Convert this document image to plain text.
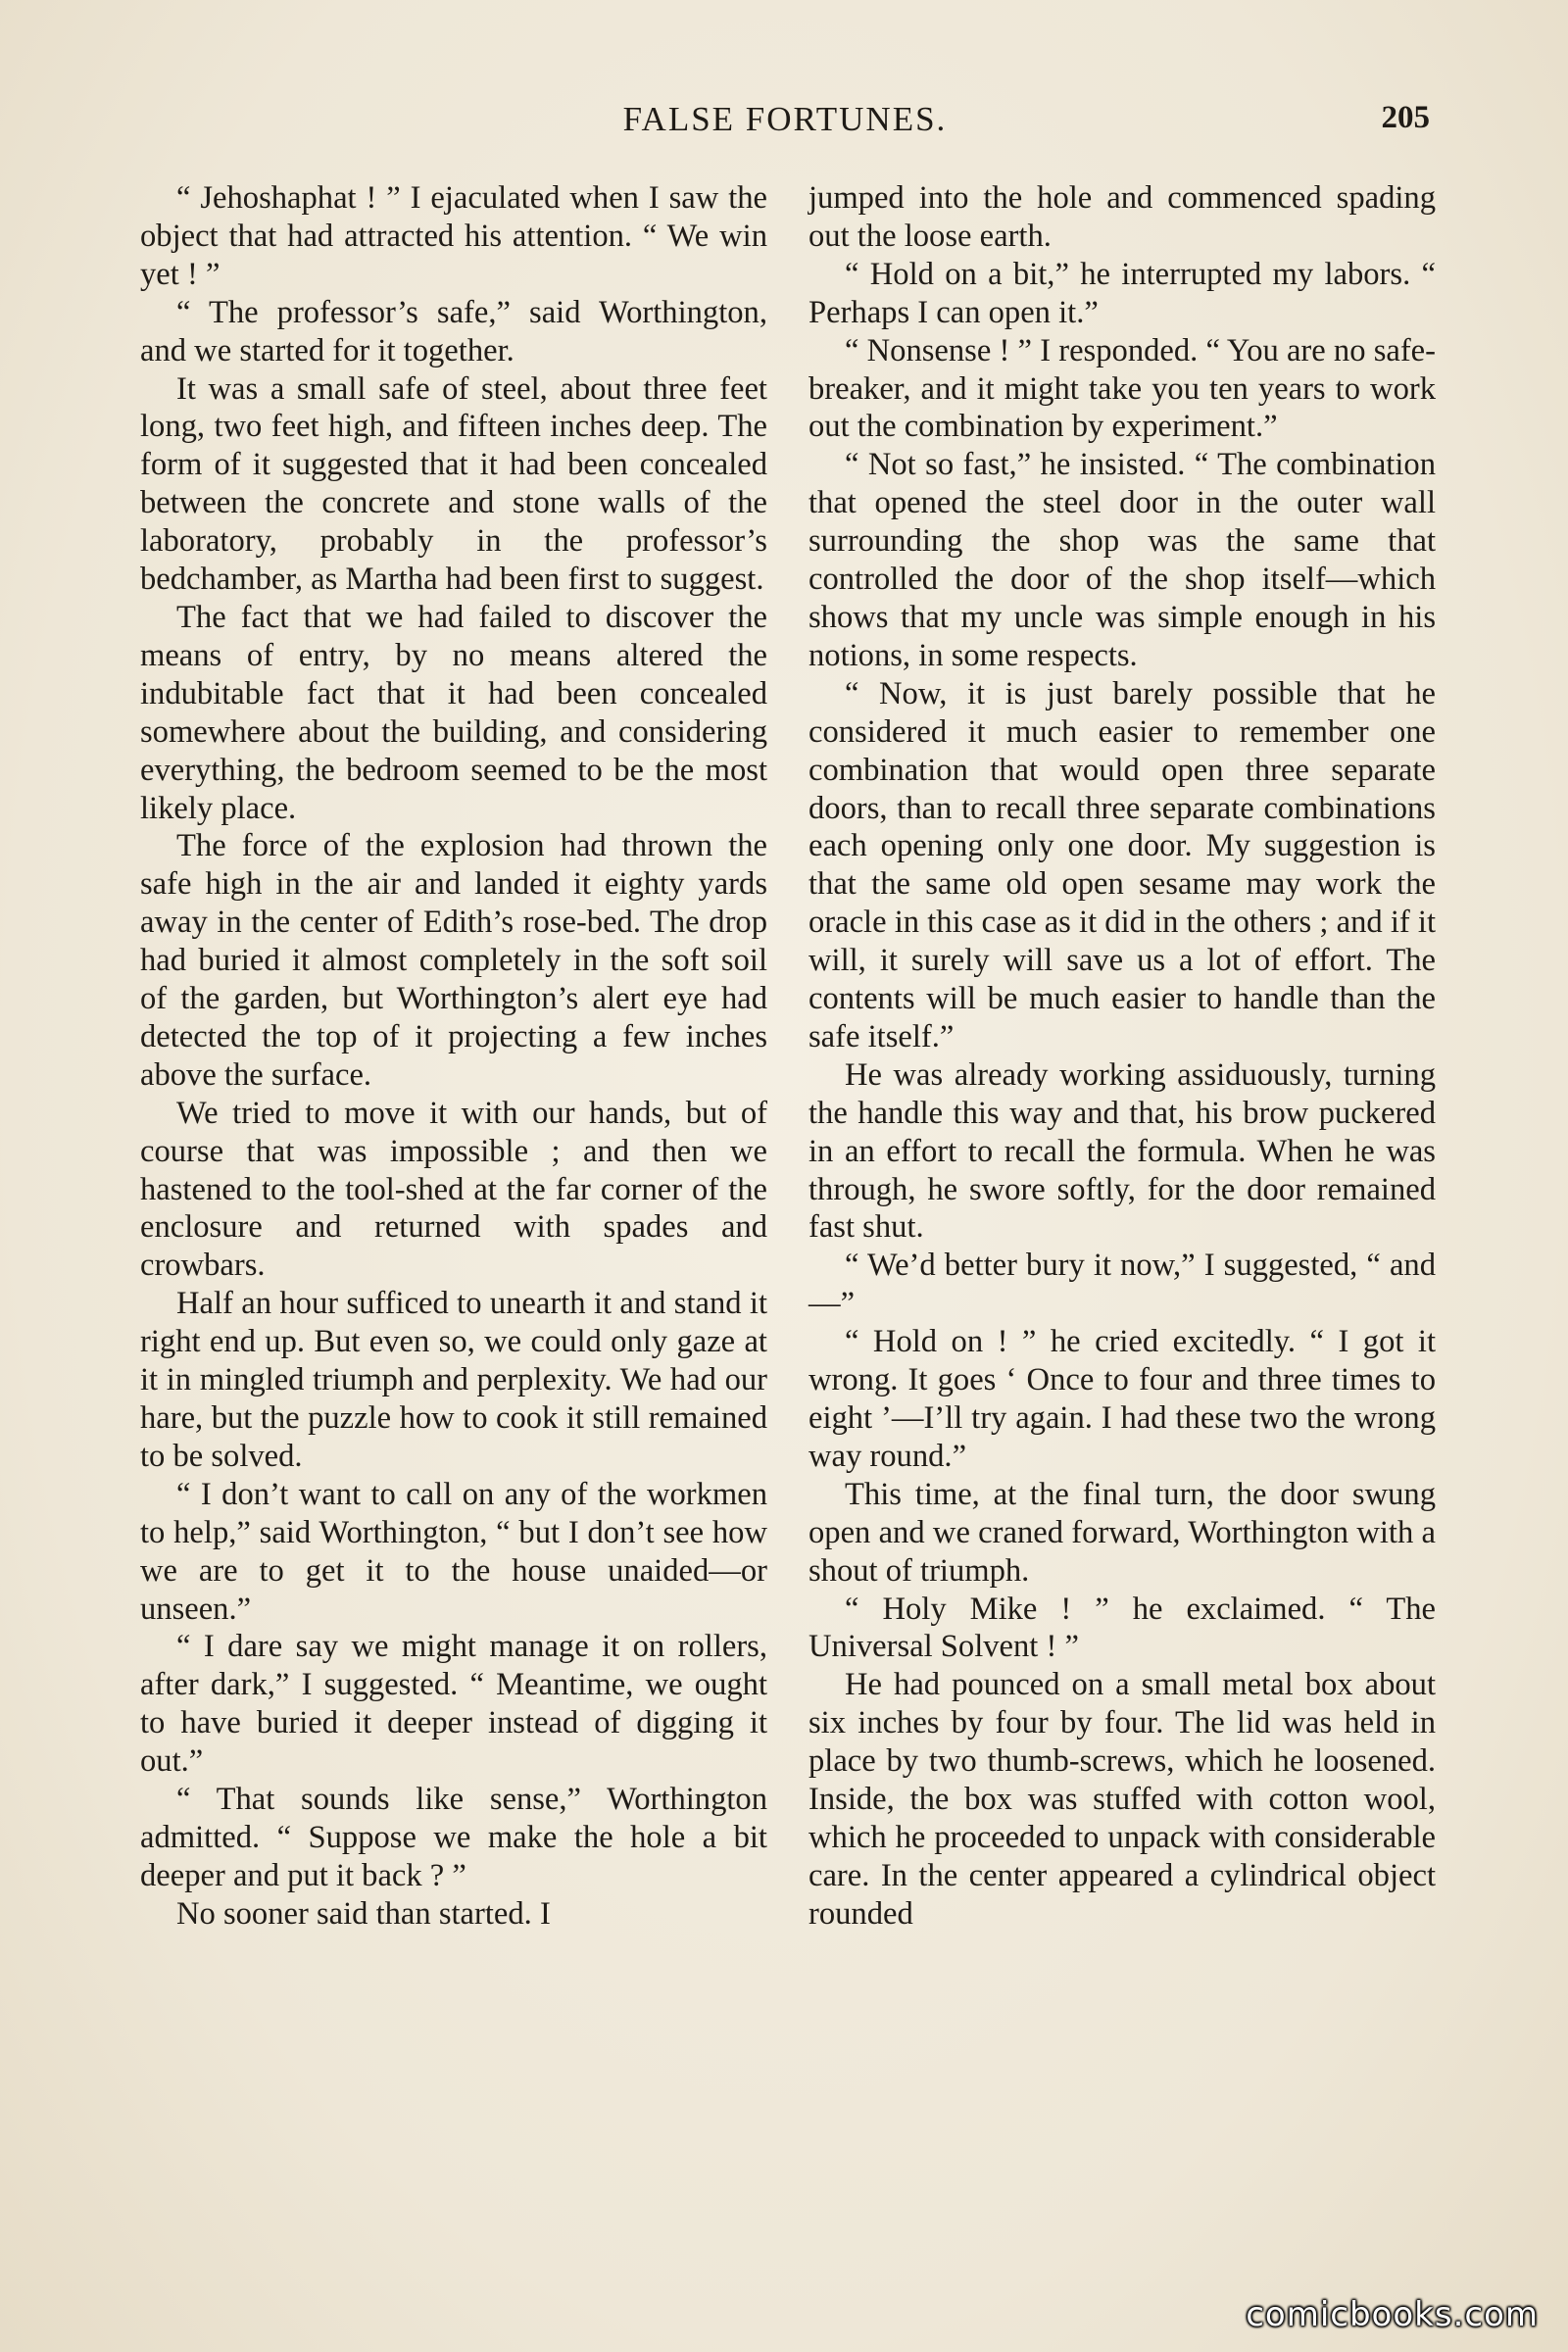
FALSE FORTUNES.	205

“ Jehoshaphat ! ” I ejaculated when I saw the object that had attracted his attention. “ We win yet ! ”

“ The professor’s safe,” said Worthington, and we started for it together.

It was a small safe of steel, about three feet long, two feet high, and fifteen inches deep. The form of it suggested that it had been concealed between the concrete and stone walls of the laboratory, probably in the professor’s bedchamber, as Martha had been first to suggest.

The fact that we had failed to discover the means of entry, by no means altered the indubitable fact that it had been concealed somewhere about the building, and considering everything, the bedroom seemed to be the most likely place.

The force of the explosion had thrown the safe high in the air and landed it eighty yards away in the center of Edith’s rose-bed. The drop had buried it almost completely in the soft soil of the garden, but Worthington’s alert eye had detected the top of it projecting a few inches above the surface.

We tried to move it with our hands, but of course that was impossible ; and then we hastened to the tool-shed at the far corner of the enclosure and returned with spades and crowbars.

Half an hour sufficed to unearth it and stand it right end up. But even so, we could only gaze at it in mingled triumph and perplexity. We had our hare, but the puzzle how to cook it still remained to be solved.

“ I don’t want to call on any of the workmen to help,” said Worthington, “ but I don’t see how we are to get it to the house unaided—or unseen.”

“ I dare say we might manage it on rollers, after dark,” I suggested. “ Meantime, we ought to have buried it deeper instead of digging it out.”

“ That sounds like sense,” Worthington admitted. “ Suppose we make the hole a bit deeper and put it back ? ”

No sooner said than started. I

jumped into the hole and commenced spading out the loose earth.

“ Hold on a bit,” he interrupted my labors. “ Perhaps I can open it.”

“ Nonsense ! ” I responded. “ You are no safe-breaker, and it might take you ten years to work out the combination by experiment.”

“ Not so fast,” he insisted. “ The combination that opened the steel door in the outer wall surrounding the shop was the same that controlled the door of the shop itself—which shows that my uncle was simple enough in his notions, in some respects.

“ Now, it is just barely possible that he considered it much easier to remember one combination that would open three separate doors, than to recall three separate combinations each opening only one door. My suggestion is that the same old open sesame may work the oracle in this case as it did in the others ; and if it will, it surely will save us a lot of effort. The contents will be much easier to handle than the safe itself.”

He was already working assiduously, turning the handle this way and that, his brow puckered in an effort to recall the formula. When he was through, he swore softly, for the door remained fast shut.

“ We’d better bury it now,” I suggested, “ and—”

“ Hold on ! ” he cried excitedly. “ I got it wrong. It goes ‘ Once to four and three times to eight ’—I’ll try again. I had these two the wrong way round.”

This time, at the final turn, the door swung open and we craned forward, Worthington with a shout of triumph.

“ Holy Mike ! ” he exclaimed. “ The Universal Solvent ! ”

He had pounced on a small metal box about six inches by four by four. The lid was held in place by two thumb-screws, which he loosened. Inside, the box was stuffed with cotton wool, which he proceeded to unpack with considerable care. In the center appeared a cylindrical object rounded

comicbooks.com
